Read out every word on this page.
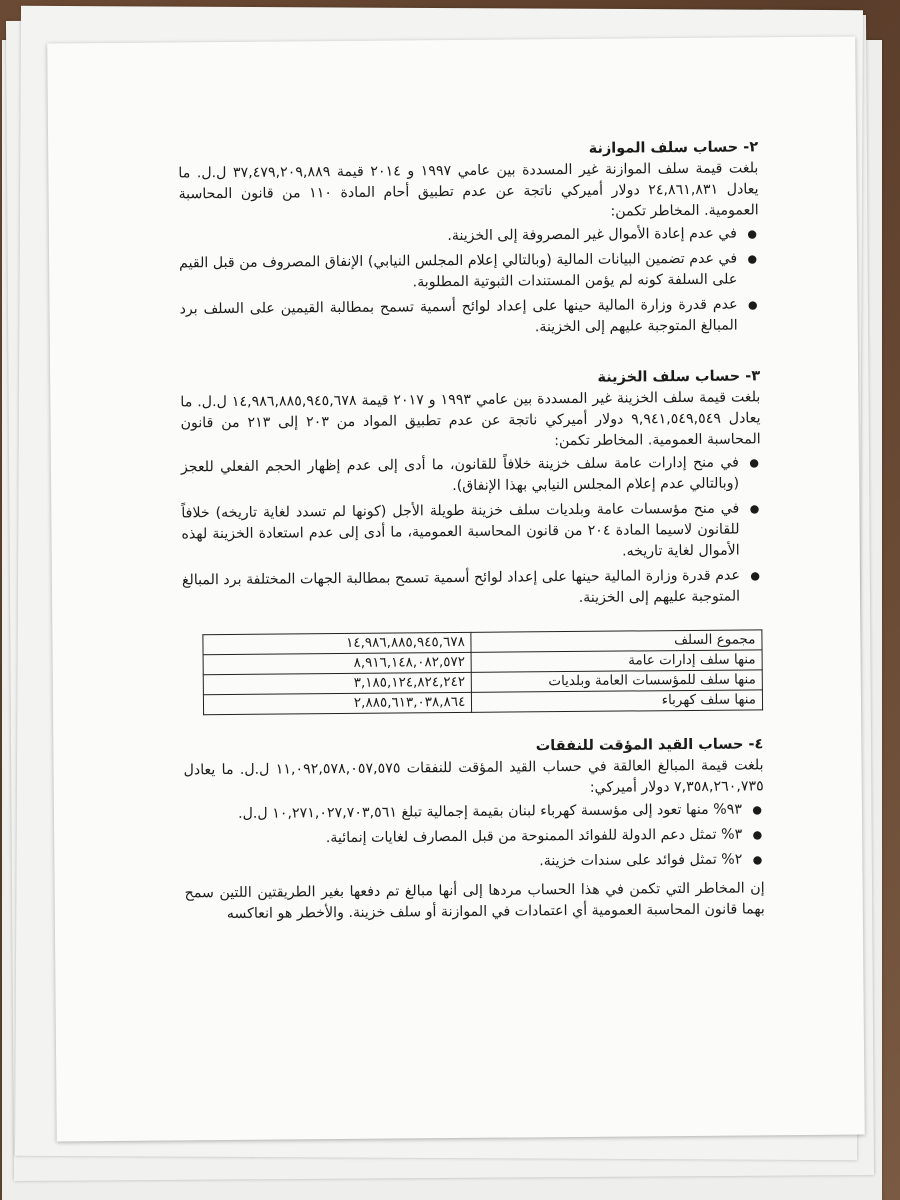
٢- حساب سلف الموازنة

بلغت قيمة سلف الموازنة غير المسددة بين عامي ١٩٩٧ و ٢٠١٤ قيمة ٣٧,٤٧٩,٢٠٩,٨٨٩ ل.ل. ما يعادل ٢٤,٨٦١,٨٣١ دولار أميركي ناتجة عن عدم تطبيق أحام المادة ١١٠ من قانون المحاسبة العمومية. المخاطر تكمن:

● في عدم إعادة الأموال غير المصروفة إلى الخزينة.
● في عدم تضمين البيانات المالية (وبالتالي إعلام المجلس النيابي) الإنفاق المصروف من قبل القيم على السلفة كونه لم يؤمن المستندات الثبوتية المطلوبة.
● عدم قدرة وزارة المالية حينها على إعداد لوائح أسمية تسمح بمطالبة القيمين على السلف برد المبالغ المتوجبة عليهم إلى الخزينة.

٣- حساب سلف الخزينة

بلغت قيمة سلف الخزينة غير المسددة بين عامي ١٩٩٣ و ٢٠١٧ قيمة ١٤,٩٨٦,٨٨٥,٩٤٥,٦٧٨ ل.ل. ما يعادل ٩,٩٤١,٥٤٩,٥٤٩ دولار أميركي ناتجة عن عدم تطبيق المواد من ٢٠٣ إلى ٢١٣ من قانون المحاسبة العمومية. المخاطر تكمن:

● في منح إدارات عامة سلف خزينة خلافاً للقانون، ما أدى إلى عدم إظهار الحجم الفعلي للعجز (وبالتالي عدم إعلام المجلس النيابي بهذا الإنفاق).
● في منح مؤسسات عامة وبلديات سلف خزينة طويلة الأجل (كونها لم تسدد لغاية تاريخه) خلافاً للقانون لاسيما المادة ٢٠٤ من قانون المحاسبة العمومية، ما أدى إلى عدم استعادة الخزينة لهذه الأموال لغاية تاريخه.
● عدم قدرة وزارة المالية حينها على إعداد لوائح أسمية تسمح بمطالبة الجهات المختلفة برد المبالغ المتوجبة عليهم إلى الخزينة.
مجموع السلف	١٤,٩٨٦,٨٨٥,٩٤٥,٦٧٨
منها سلف إدارات عامة	٨,٩١٦,١٤٨,٠٨٢,٥٧٢
منها سلف للمؤسسات العامة وبلديات	٣,١٨٥,١٢٤,٨٢٤,٢٤٢
منها سلف كهرباء	٢,٨٨٥,٦١٣,٠٣٨,٨٦٤

٤- حساب القيد المؤقت للنفقات

بلغت قيمة المبالغ العالقة في حساب القيد المؤقت للنفقات ١١,٠٩٢,٥٧٨,٠٥٧,٥٧٥ ل.ل. ما يعادل ٧,٣٥٨,٢٦٠,٧٣٥ دولار أميركي:

● ٩٣% منها تعود إلى مؤسسة كهرباء لبنان بقيمة إجمالية تبلغ ١٠,٢٧١,٠٢٧,٧٠٣,٥٦١ ل.ل.
● ٣% تمثل دعم الدولة للفوائد الممنوحة من قبل المصارف لغايات إنمائية.
● ٢% تمثل فوائد على سندات خزينة.

إن المخاطر التي تكمن في هذا الحساب مردها إلى أنها مبالغ تم دفعها بغير الطريقتين اللتين سمح بهما قانون المحاسبة العمومية أي اعتمادات في الموازنة أو سلف خزينة. والأخطر هو انعاكسه
